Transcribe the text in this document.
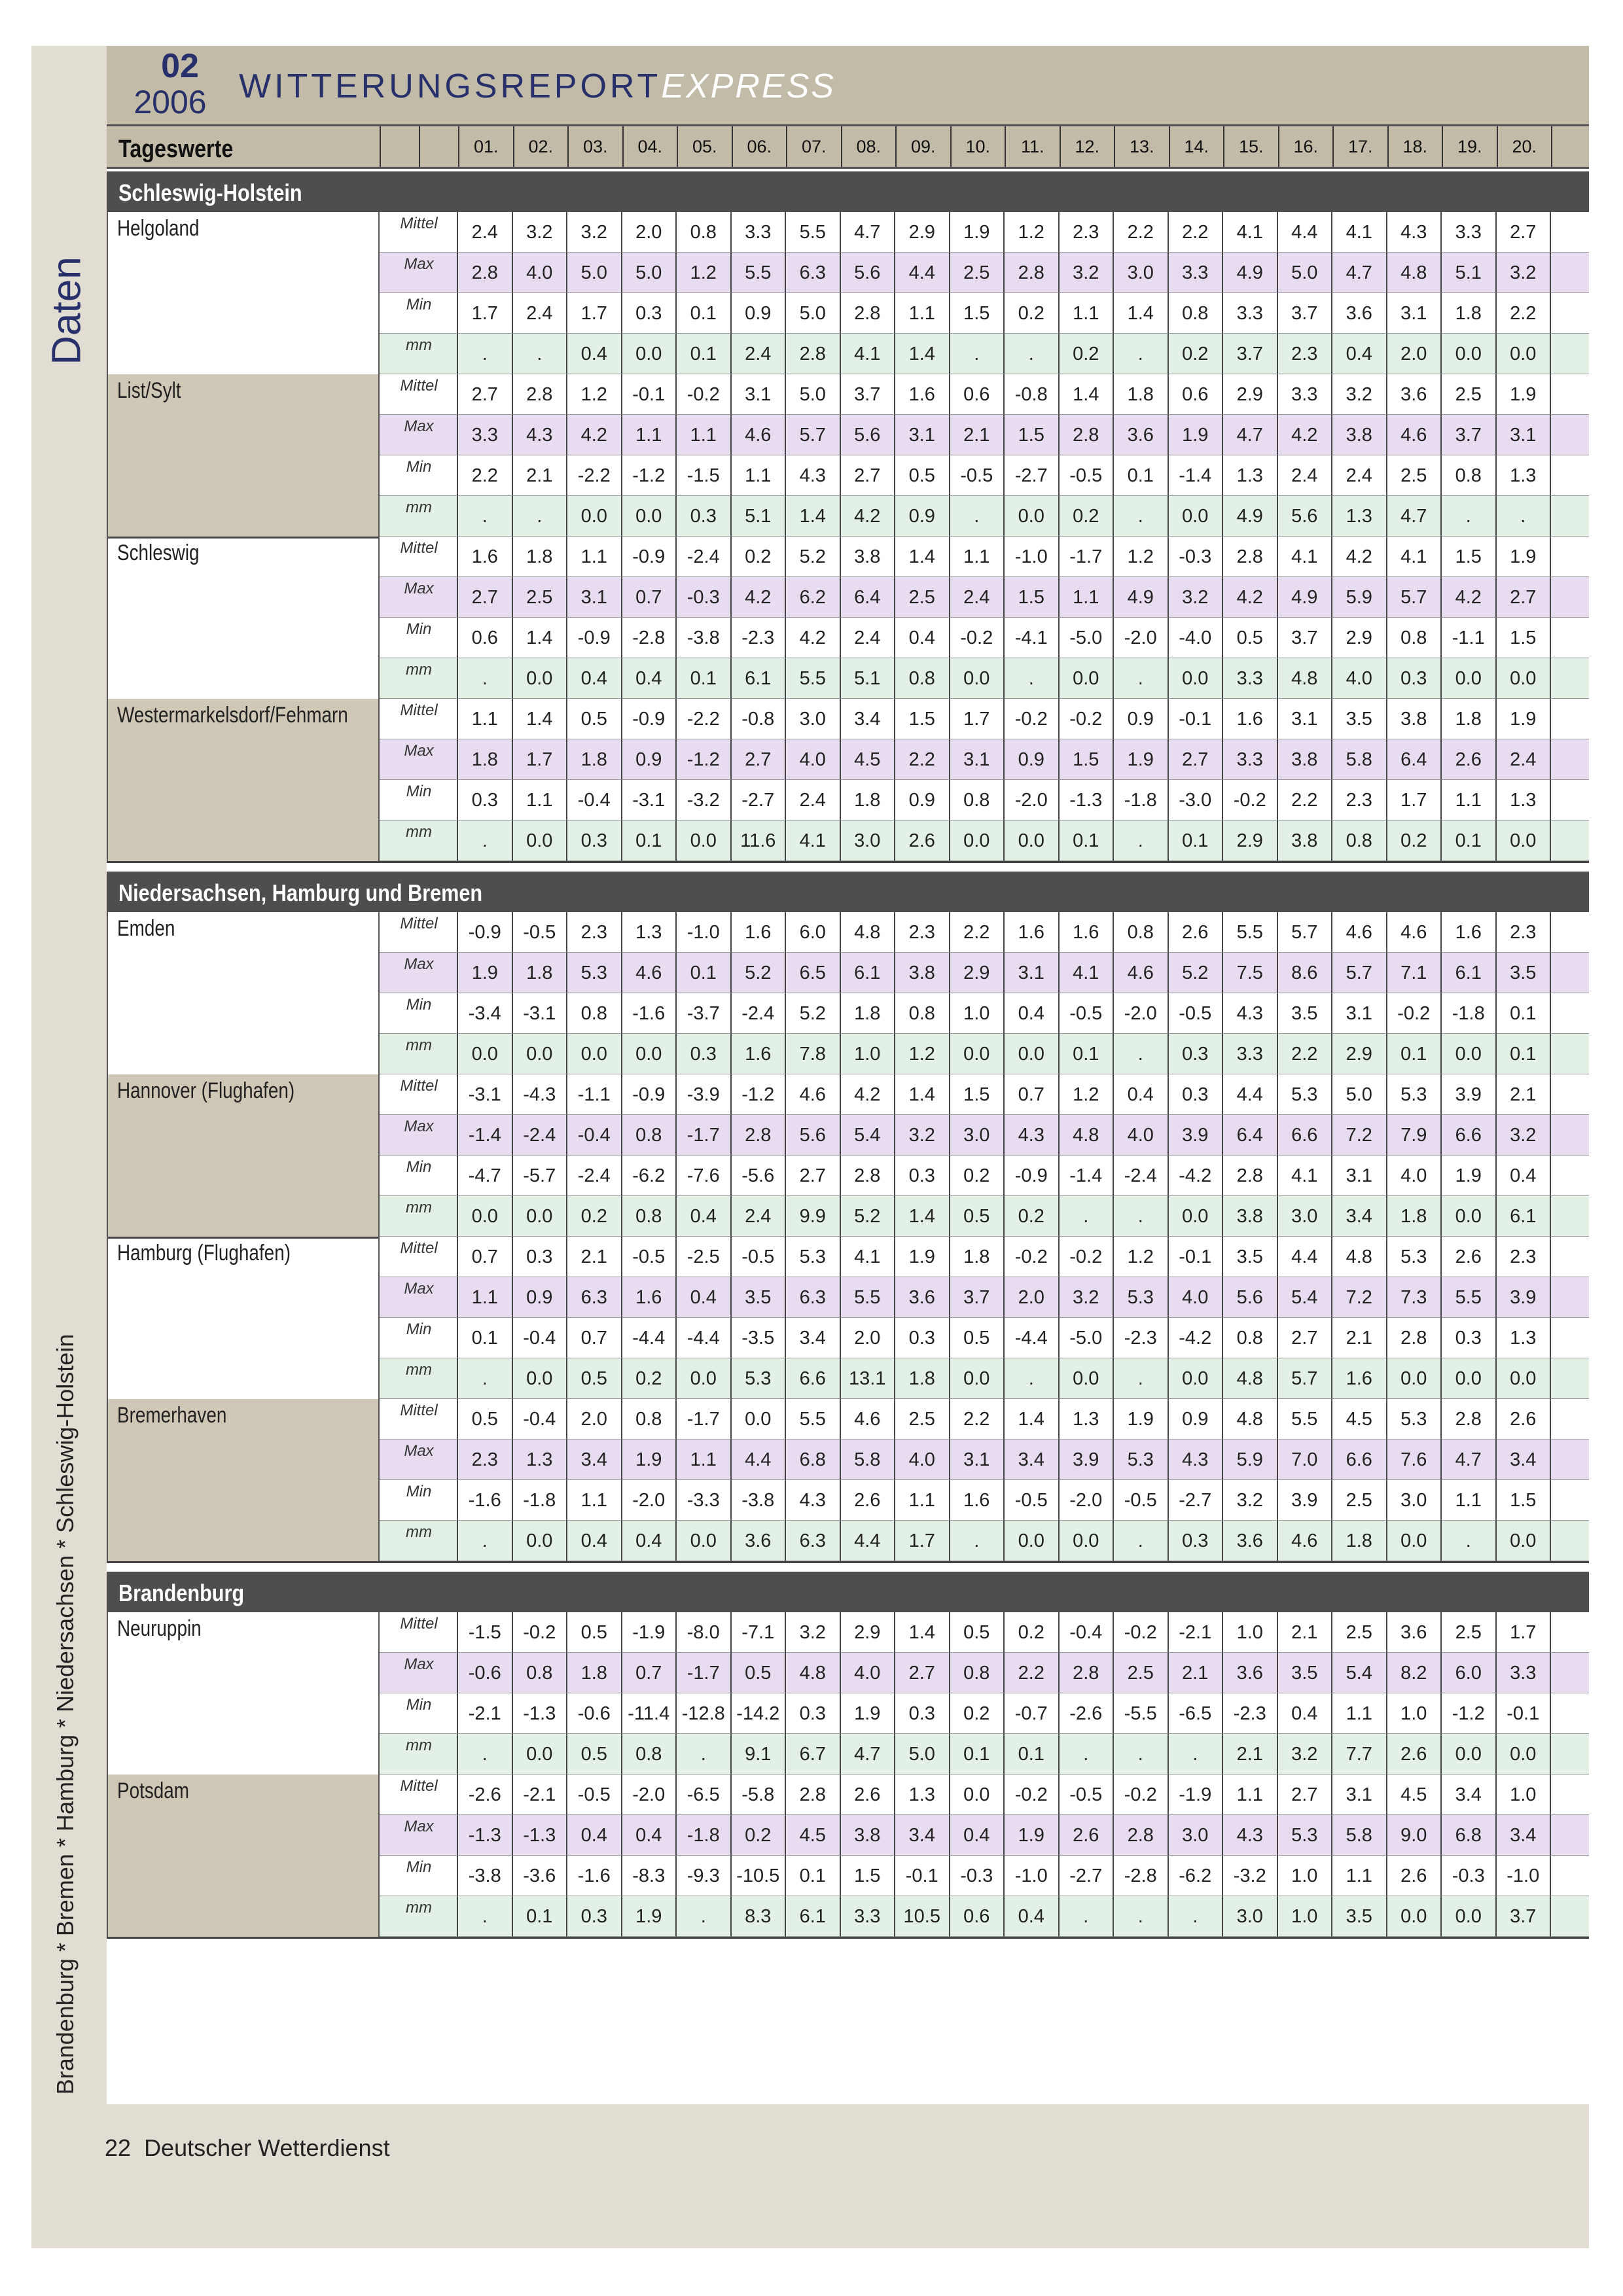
02
2006 WITTERUNGSREPORTEXPRESS
Daten
Brandenburg * Bremen * Hamburg * Niedersachsen * Schleswig-Holstein
22 Deutscher Wetterdienst
Tageswerte	01.	02.	03.	04.	05.	06.	07.	08.	09.	10.	11.	12.	13.	14.	15.	16.	17.	18.	19.	20.
Schleswig-Holstein
Helgoland	Mittel	2.4	3.2	3.2	2.0	0.8	3.3	5.5	4.7	2.9	1.9	1.2	2.3	2.2	2.2	4.1	4.4	4.1	4.3	3.3	2.7
Max	2.8	4.0	5.0	5.0	1.2	5.5	6.3	5.6	4.4	2.5	2.8	3.2	3.0	3.3	4.9	5.0	4.7	4.8	5.1	3.2
Min	1.7	2.4	1.7	0.3	0.1	0.9	5.0	2.8	1.1	1.5	0.2	1.1	1.4	0.8	3.3	3.7	3.6	3.1	1.8	2.2
mm	.	.	0.4	0.0	0.1	2.4	2.8	4.1	1.4	.	.	0.2	.	0.2	3.7	2.3	0.4	2.0	0.0	0.0
List/Sylt	Mittel	2.7	2.8	1.2	-0.1	-0.2	3.1	5.0	3.7	1.6	0.6	-0.8	1.4	1.8	0.6	2.9	3.3	3.2	3.6	2.5	1.9
Max	3.3	4.3	4.2	1.1	1.1	4.6	5.7	5.6	3.1	2.1	1.5	2.8	3.6	1.9	4.7	4.2	3.8	4.6	3.7	3.1
Min	2.2	2.1	-2.2	-1.2	-1.5	1.1	4.3	2.7	0.5	-0.5	-2.7	-0.5	0.1	-1.4	1.3	2.4	2.4	2.5	0.8	1.3
mm	.	.	0.0	0.0	0.3	5.1	1.4	4.2	0.9	.	0.0	0.2	.	0.0	4.9	5.6	1.3	4.7	.	.
Schleswig	Mittel	1.6	1.8	1.1	-0.9	-2.4	0.2	5.2	3.8	1.4	1.1	-1.0	-1.7	1.2	-0.3	2.8	4.1	4.2	4.1	1.5	1.9
Max	2.7	2.5	3.1	0.7	-0.3	4.2	6.2	6.4	2.5	2.4	1.5	1.1	4.9	3.2	4.2	4.9	5.9	5.7	4.2	2.7
Min	0.6	1.4	-0.9	-2.8	-3.8	-2.3	4.2	2.4	0.4	-0.2	-4.1	-5.0	-2.0	-4.0	0.5	3.7	2.9	0.8	-1.1	1.5
mm	.	0.0	0.4	0.4	0.1	6.1	5.5	5.1	0.8	0.0	.	0.0	.	0.0	3.3	4.8	4.0	0.3	0.0	0.0
Westermarkelsdorf/Fehmarn	Mittel	1.1	1.4	0.5	-0.9	-2.2	-0.8	3.0	3.4	1.5	1.7	-0.2	-0.2	0.9	-0.1	1.6	3.1	3.5	3.8	1.8	1.9
Max	1.8	1.7	1.8	0.9	-1.2	2.7	4.0	4.5	2.2	3.1	0.9	1.5	1.9	2.7	3.3	3.8	5.8	6.4	2.6	2.4
Min	0.3	1.1	-0.4	-3.1	-3.2	-2.7	2.4	1.8	0.9	0.8	-2.0	-1.3	-1.8	-3.0	-0.2	2.2	2.3	1.7	1.1	1.3
mm	.	0.0	0.3	0.1	0.0	11.6	4.1	3.0	2.6	0.0	0.0	0.1	.	0.1	2.9	3.8	0.8	0.2	0.1	0.0
Niedersachsen, Hamburg und Bremen
Emden	Mittel	-0.9	-0.5	2.3	1.3	-1.0	1.6	6.0	4.8	2.3	2.2	1.6	1.6	0.8	2.6	5.5	5.7	4.6	4.6	1.6	2.3
Max	1.9	1.8	5.3	4.6	0.1	5.2	6.5	6.1	3.8	2.9	3.1	4.1	4.6	5.2	7.5	8.6	5.7	7.1	6.1	3.5
Min	-3.4	-3.1	0.8	-1.6	-3.7	-2.4	5.2	1.8	0.8	1.0	0.4	-0.5	-2.0	-0.5	4.3	3.5	3.1	-0.2	-1.8	0.1
mm	0.0	0.0	0.0	0.0	0.3	1.6	7.8	1.0	1.2	0.0	0.0	0.1	.	0.3	3.3	2.2	2.9	0.1	0.0	0.1
Hannover (Flughafen)	Mittel	-3.1	-4.3	-1.1	-0.9	-3.9	-1.2	4.6	4.2	1.4	1.5	0.7	1.2	0.4	0.3	4.4	5.3	5.0	5.3	3.9	2.1
Max	-1.4	-2.4	-0.4	0.8	-1.7	2.8	5.6	5.4	3.2	3.0	4.3	4.8	4.0	3.9	6.4	6.6	7.2	7.9	6.6	3.2
Min	-4.7	-5.7	-2.4	-6.2	-7.6	-5.6	2.7	2.8	0.3	0.2	-0.9	-1.4	-2.4	-4.2	2.8	4.1	3.1	4.0	1.9	0.4
mm	0.0	0.0	0.2	0.8	0.4	2.4	9.9	5.2	1.4	0.5	0.2	.	.	0.0	3.8	3.0	3.4	1.8	0.0	6.1
Hamburg (Flughafen)	Mittel	0.7	0.3	2.1	-0.5	-2.5	-0.5	5.3	4.1	1.9	1.8	-0.2	-0.2	1.2	-0.1	3.5	4.4	4.8	5.3	2.6	2.3
Max	1.1	0.9	6.3	1.6	0.4	3.5	6.3	5.5	3.6	3.7	2.0	3.2	5.3	4.0	5.6	5.4	7.2	7.3	5.5	3.9
Min	0.1	-0.4	0.7	-4.4	-4.4	-3.5	3.4	2.0	0.3	0.5	-4.4	-5.0	-2.3	-4.2	0.8	2.7	2.1	2.8	0.3	1.3
mm	.	0.0	0.5	0.2	0.0	5.3	6.6	13.1	1.8	0.0	.	0.0	.	0.0	4.8	5.7	1.6	0.0	0.0	0.0
Bremerhaven	Mittel	0.5	-0.4	2.0	0.8	-1.7	0.0	5.5	4.6	2.5	2.2	1.4	1.3	1.9	0.9	4.8	5.5	4.5	5.3	2.8	2.6
Max	2.3	1.3	3.4	1.9	1.1	4.4	6.8	5.8	4.0	3.1	3.4	3.9	5.3	4.3	5.9	7.0	6.6	7.6	4.7	3.4
Min	-1.6	-1.8	1.1	-2.0	-3.3	-3.8	4.3	2.6	1.1	1.6	-0.5	-2.0	-0.5	-2.7	3.2	3.9	2.5	3.0	1.1	1.5
mm	.	0.0	0.4	0.4	0.0	3.6	6.3	4.4	1.7	.	0.0	0.0	.	0.3	3.6	4.6	1.8	0.0	.	0.0
Brandenburg
Neuruppin	Mittel	-1.5	-0.2	0.5	-1.9	-8.0	-7.1	3.2	2.9	1.4	0.5	0.2	-0.4	-0.2	-2.1	1.0	2.1	2.5	3.6	2.5	1.7
Max	-0.6	0.8	1.8	0.7	-1.7	0.5	4.8	4.0	2.7	0.8	2.2	2.8	2.5	2.1	3.6	3.5	5.4	8.2	6.0	3.3
Min	-2.1	-1.3	-0.6 -11.4 -12.8 -14.2	0.3	1.9	0.3	0.2	-0.7	-2.6	-5.5	-6.5	-2.3	0.4	1.1	1.0	-1.2	-0.1
mm	.	0.0	0.5	0.8	.	9.1	6.7	4.7	5.0	0.1	0.1	.	.	.	2.1	3.2	7.7	2.6	0.0	0.0
Potsdam	Mittel	-2.6	-2.1	-0.5	-2.0	-6.5	-5.8	2.8	2.6	1.3	0.0	-0.2	-0.5	-0.2	-1.9	1.1	2.7	3.1	4.5	3.4	1.0
Max	-1.3	-1.3	0.4	0.4	-1.8	0.2	4.5	3.8	3.4	0.4	1.9	2.6	2.8	3.0	4.3	5.3	5.8	9.0	6.8	3.4
Min	-3.8	-3.6	-1.6	-8.3	-9.3 -10.5	0.1	1.5	-0.1	-0.3	-1.0	-2.7	-2.8	-6.2	-3.2	1.0	1.1	2.6	-0.3	-1.0
mm	.	0.1	0.3	1.9	.	8.3	6.1	3.3	10.5	0.6	0.4	.	.	.	3.0	1.0	3.5	0.0	0.0	3.7
